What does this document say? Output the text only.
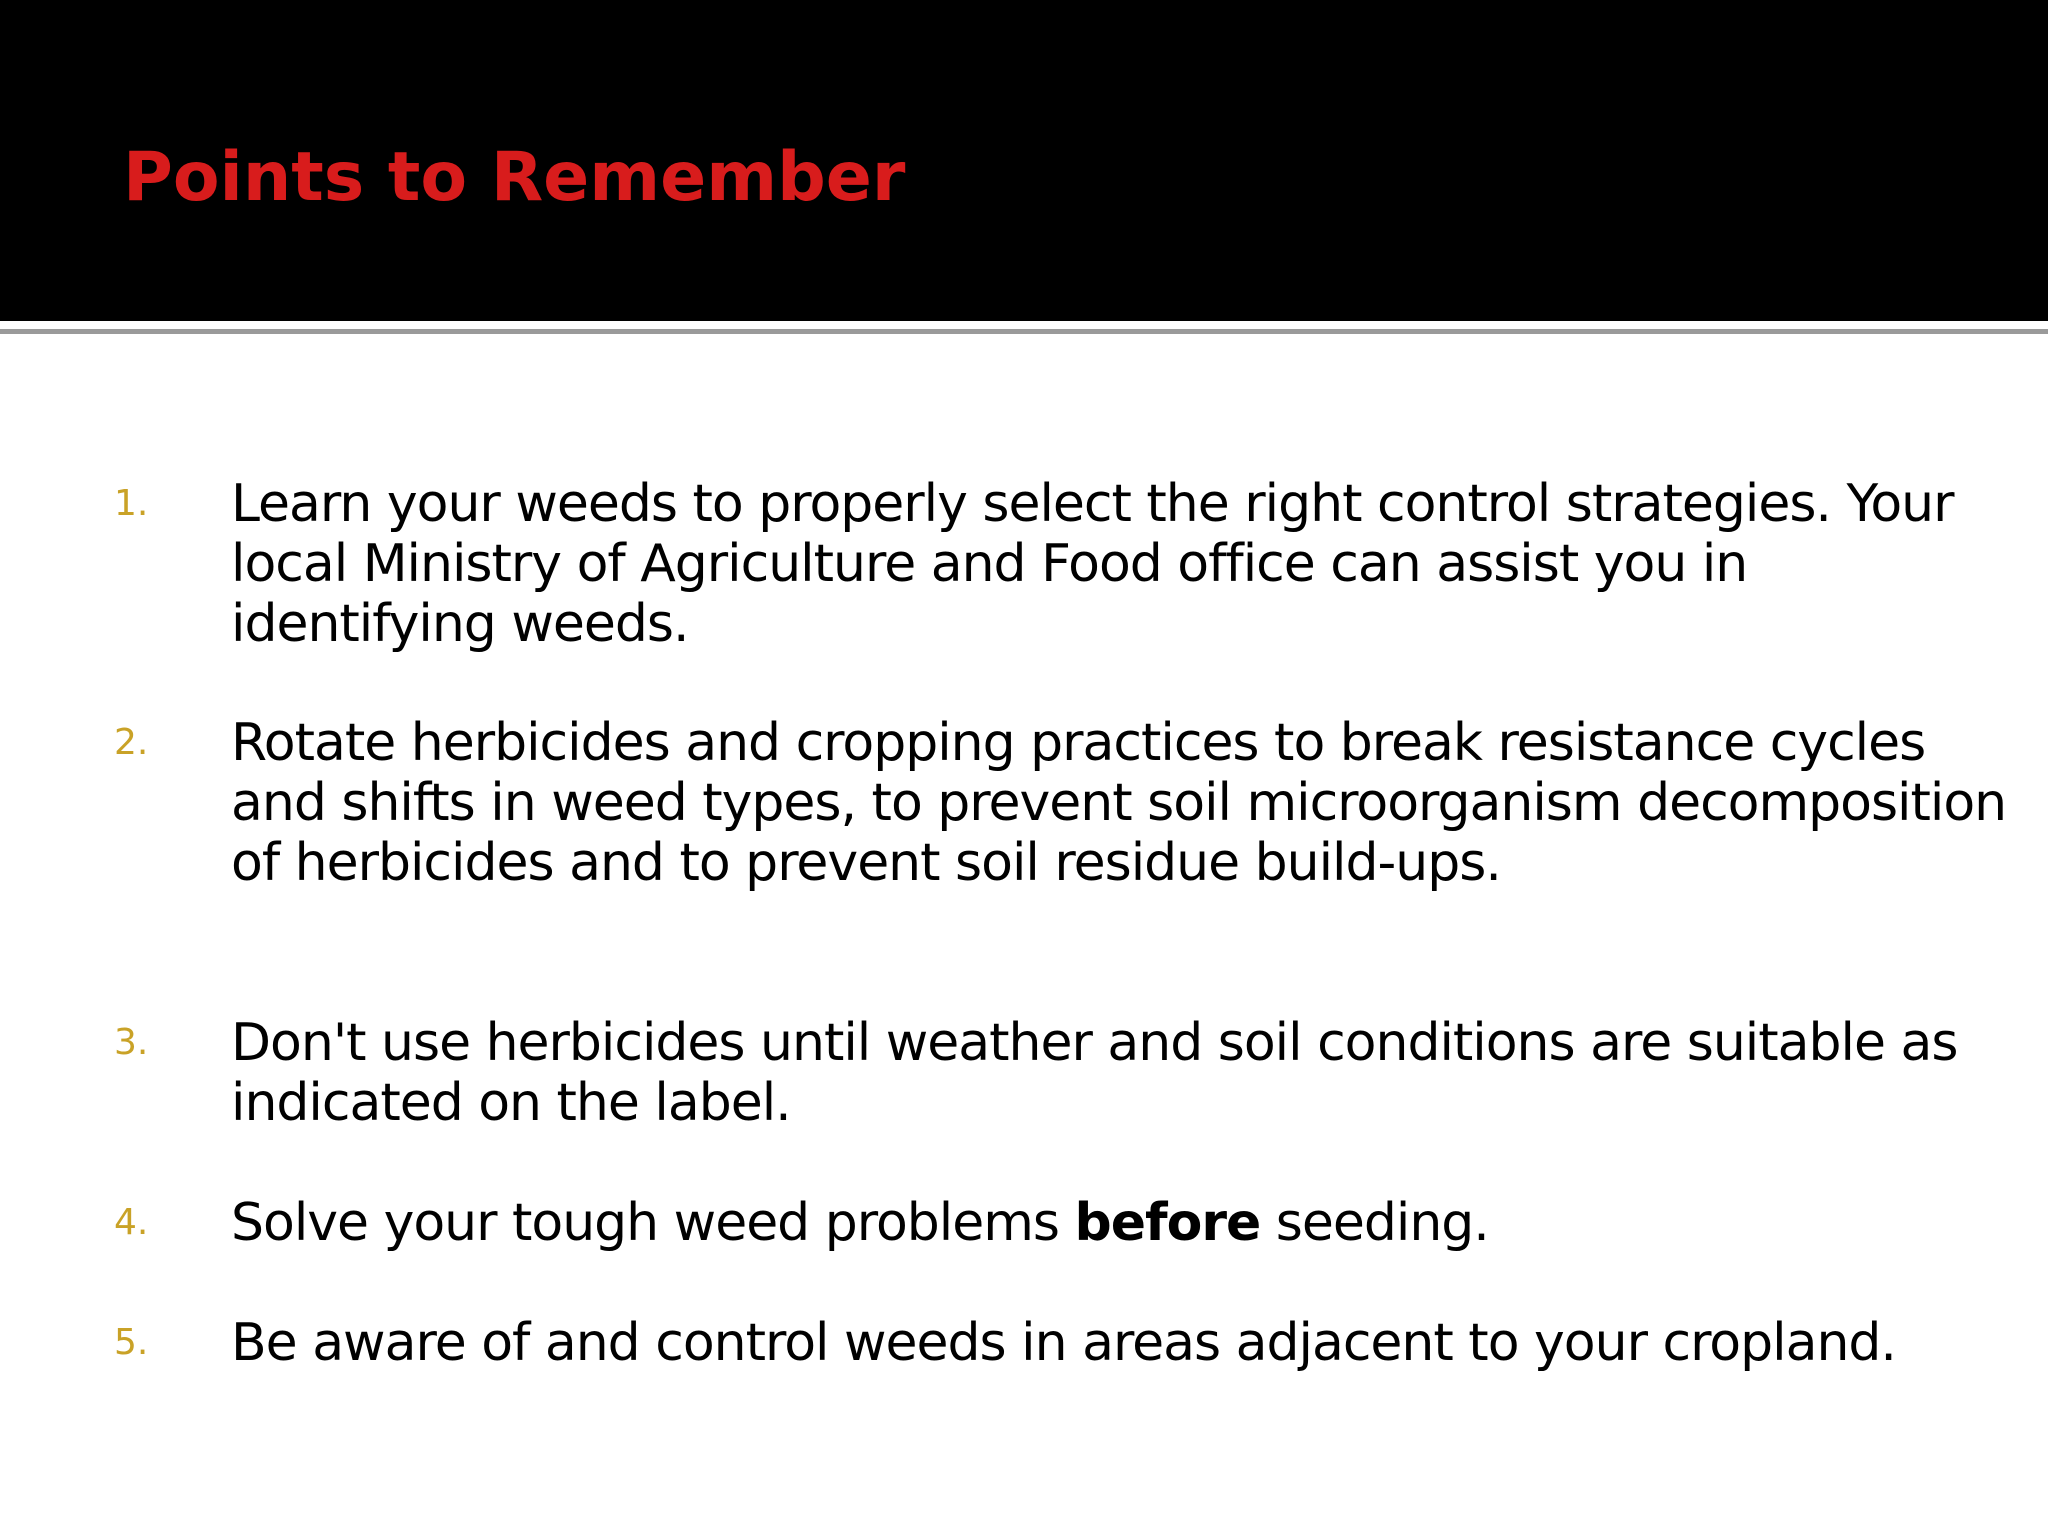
Points to Remember
1. Learn your weeds to properly select the right control strategies. Your local Ministry of Agriculture and Food office can assist you in identifying weeds.
2. Rotate herbicides and cropping practices to break resistance cycles and shifts in weed types, to prevent soil microorganism decomposition of herbicides and to prevent soil residue build-ups.
3. Don't use herbicides until weather and soil conditions are suitable as indicated on the label.
4. Solve your tough weed problems before seeding.
5. Be aware of and control weeds in areas adjacent to your cropland.
